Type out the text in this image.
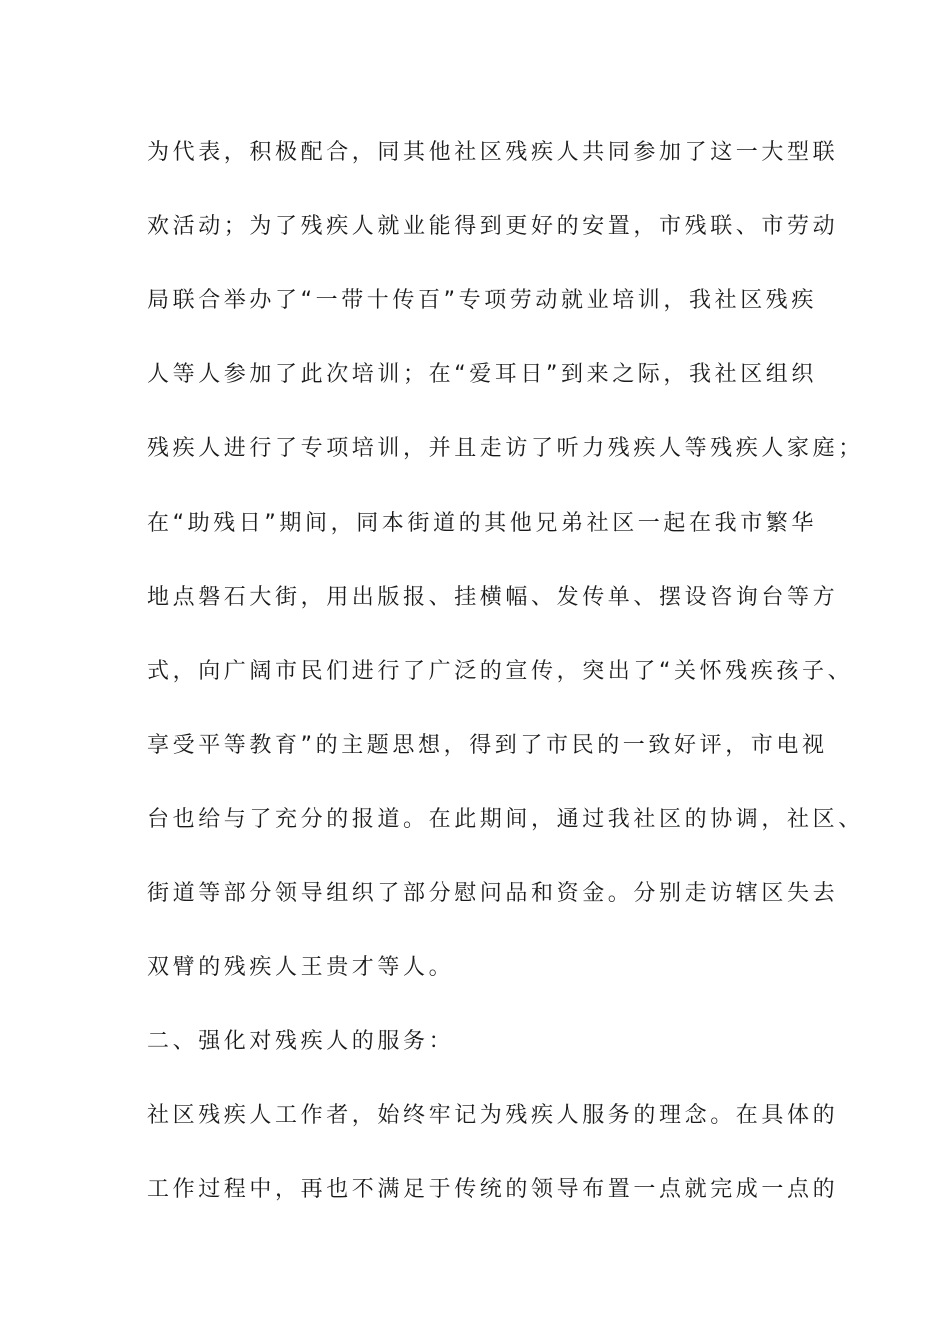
为代表，积极配合，同其他社区残疾人共同参加了这一大型联
欢活动；为了残疾人就业能得到更好的安置，市残联、市劳动
局联合举办了“一带十传百”专项劳动就业培训，我社区残疾
人等人参加了此次培训；在“爱耳日”到来之际，我社区组织
残疾人进行了专项培训，并且走访了听力残疾人等残疾人家庭；
在“助残日”期间，同本街道的其他兄弟社区一起在我市繁华
地点磐石大街，用出版报、挂横幅、发传单、摆设咨询台等方
式，向广阔市民们进行了广泛的宣传，突出了“关怀残疾孩子、
享受平等教育”的主题思想，得到了市民的一致好评，市电视
台也给与了充分的报道。在此期间，通过我社区的协调，社区、
街道等部分领导组织了部分慰问品和资金。分别走访辖区失去
双臂的残疾人王贵才等人。
二、强化对残疾人的服务：
社区残疾人工作者，始终牢记为残疾人服务的理念。在具体的
工作过程中，再也不满足于传统的领导布置一点就完成一点的
